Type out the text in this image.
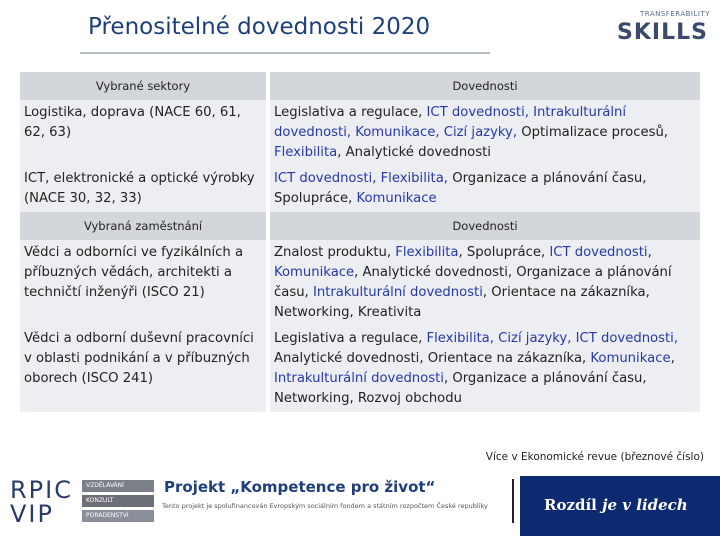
Přenositelné dovednosti 2020	TRANSFERABILITY
SKILLS
Vybrané sektory	Dovednosti
Logistika, doprava (NACE 60, 61, 62, 63)	Legislativa a regulace, ICT dovednosti, Intrakulturální dovednosti, Komunikace, Cizí jazyky, Optimalizace procesů, Flexibilita, Analytické dovednosti
ICT, elektronické a optické výrobky (NACE 30, 32, 33)	ICT dovednosti, Flexibilita, Organizace a plánování času, Spolupráce, Komunikace
Vybraná zaměstnání	Dovednosti
Vědci a odborníci ve fyzikálních a příbuzných vědách, architekti a techničtí inženýři (ISCO 21)	Znalost produktu, Flexibilita, Spolupráce, ICT dovednosti, Komunikace, Analytické dovednosti, Organizace a plánování času, Intrakulturální dovednosti, Orientace na zákazníka, Networking, Kreativita
Vědci a odborní duševní pracovníci v oblasti podnikání a v příbuzných oborech (ISCO 241)	Legislativa a regulace, Flexibilita, Cizí jazyky, ICT dovednosti, Analytické dovednosti, Orientace na zákazníka, Komunikace, Intrakulturální dovednosti, Organizace a plánování času, Networking, Rozvoj obchodu
Více v Ekonomické revue (březnové číslo)
RPIC
VIP
VZDĚLÁVÁNÍ
KONZULT
PORADENSTVÍ
Projekt „Kompetence pro život“
Tento projekt je spolufinancován Evropským sociálním fondem a státním rozpočtem České republiky	Rozdíl je v lidech
